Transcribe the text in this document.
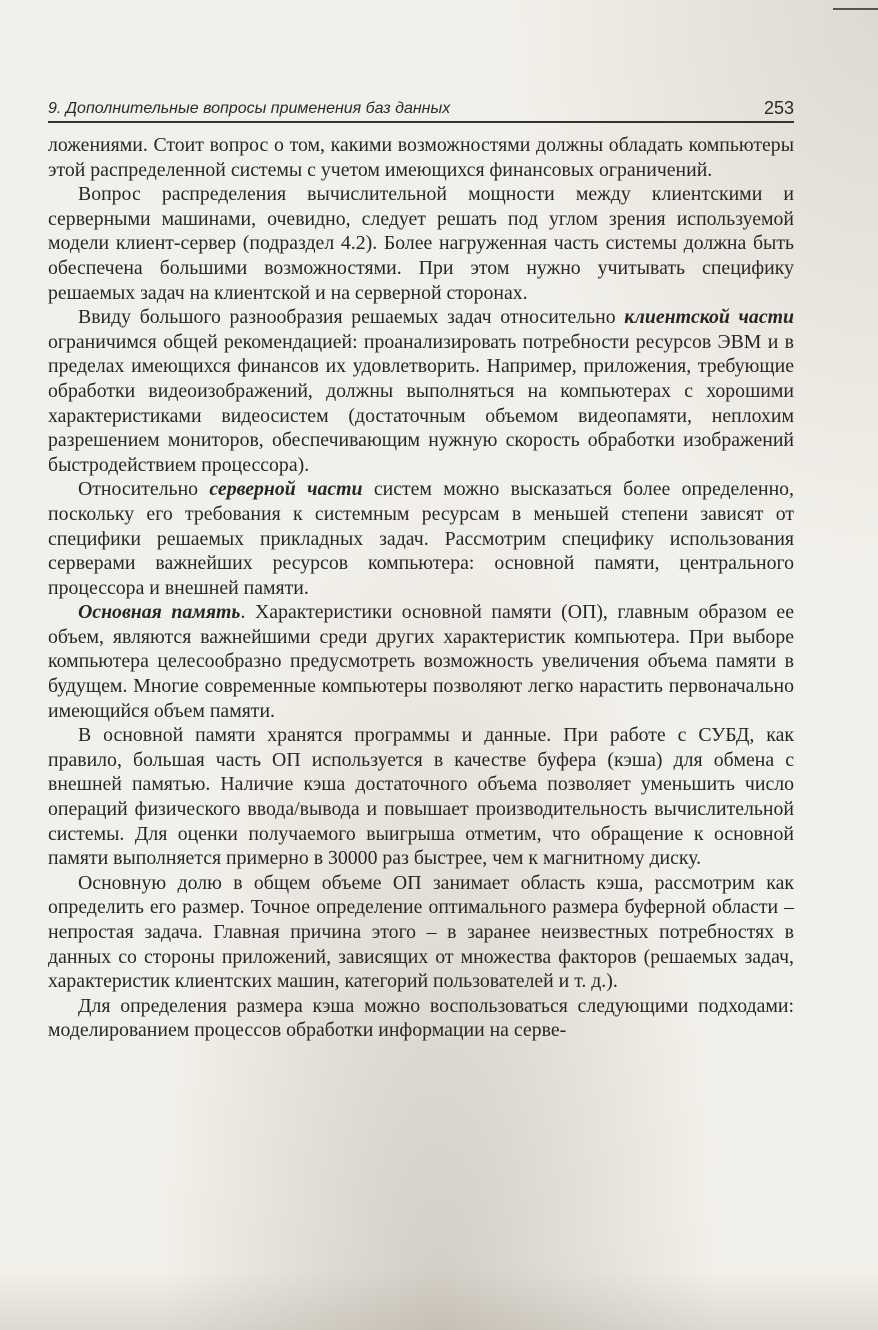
9. Дополнительные вопросы применения баз данных	253

ложениями. Стоит вопрос о том, какими возможностями должны обладать компьютеры этой распределенной системы с учетом имеющихся финансовых ограничений.

Вопрос распределения вычислительной мощности между клиентскими и серверными машинами, очевидно, следует решать под углом зрения используемой модели клиент-сервер (подраздел 4.2). Более нагруженная часть системы должна быть обеспечена большими возможностями. При этом нужно учитывать специфику решаемых задач на клиентской и на серверной сторонах.

Ввиду большого разнообразия решаемых задач относительно клиентской части ограничимся общей рекомендацией: проанализировать потребности ресурсов ЭВМ и в пределах имеющихся финансов их удовлетворить. Например, приложения, требующие обработки видеоизображений, должны выполняться на компьютерах с хорошими характеристиками видеосистем (достаточным объемом видеопамяти, неплохим разрешением мониторов, обеспечивающим нужную скорость обработки изображений быстродействием процессора).

Относительно серверной части систем можно высказаться более определенно, поскольку его требования к системным ресурсам в меньшей степени зависят от специфики решаемых прикладных задач. Рассмотрим специфику использования серверами важнейших ресурсов компьютера: основной памяти, центрального процессора и внешней памяти.

Основная память. Характеристики основной памяти (ОП), главным образом ее объем, являются важнейшими среди других характеристик компьютера. При выборе компьютера целесообразно предусмотреть возможность увеличения объема памяти в будущем. Многие современные компьютеры позволяют легко нарастить первоначально имеющийся объем памяти.

В основной памяти хранятся программы и данные. При работе с СУБД, как правило, большая часть ОП используется в качестве буфера (кэша) для обмена с внешней памятью. Наличие кэша достаточного объема позволяет уменьшить число операций физического ввода/вывода и повышает производительность вычислительной системы. Для оценки получаемого выигрыша отметим, что обращение к основной памяти выполняется примерно в 30000 раз быстрее, чем к магнитному диску.

Основную долю в общем объеме ОП занимает область кэша, рассмотрим как определить его размер. Точное определение оптимального размера буферной области – непростая задача. Главная причина этого – в заранее неизвестных потребностях в данных со стороны приложений, зависящих от множества факторов (решаемых задач, характеристик клиентских машин, категорий пользователей и т. д.).

Для определения размера кэша можно воспользоваться следующими подходами: моделированием процессов обработки информации на серве-
